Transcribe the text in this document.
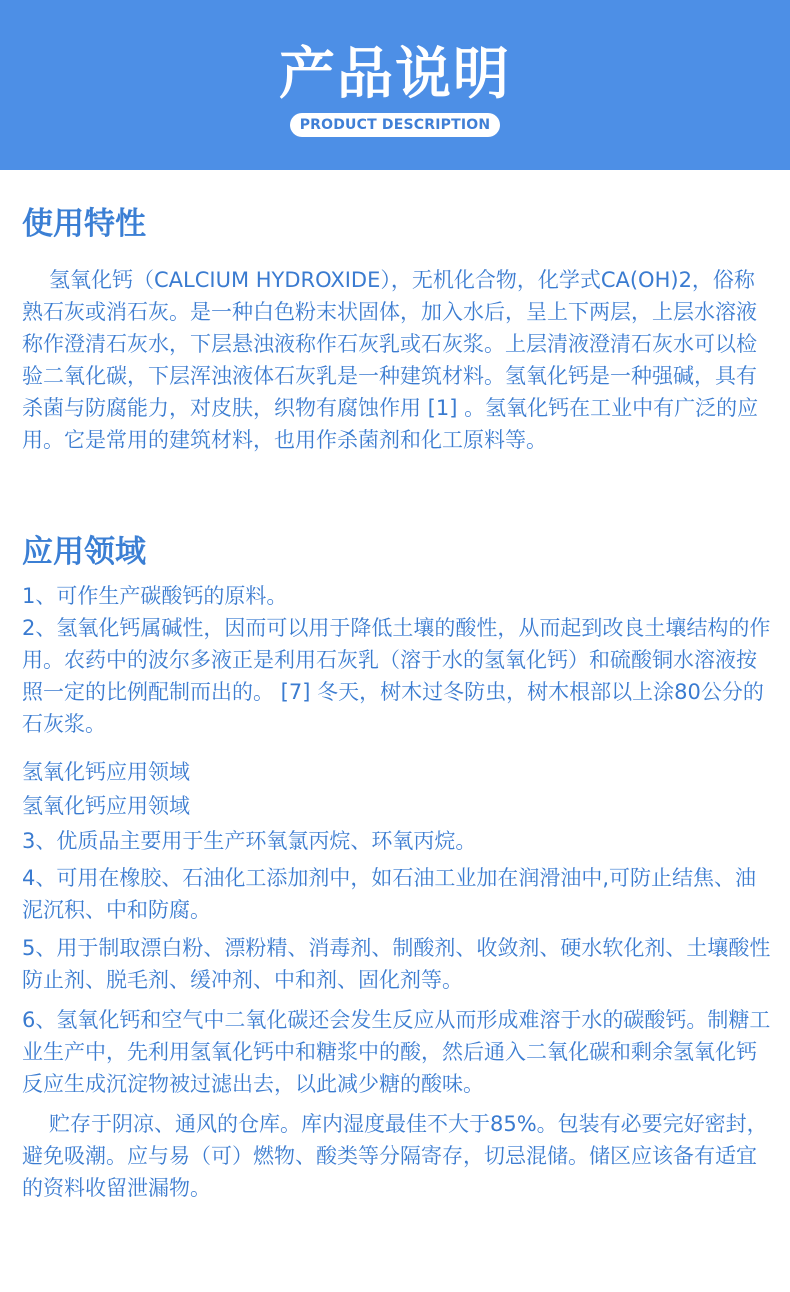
产品说明
PRODUCT DESCRIPTION
使用特性

氢氧化钙（CALCIUM HYDROXIDE），无机化合物，化学式CA(OH)2，俗称熟石灰或消石灰。是一种白色粉末状固体，加入水后，呈上下两层，上层水溶液称作澄清石灰水，下层悬浊液称作石灰乳或石灰浆。上层清液澄清石灰水可以检验二氧化碳，下层浑浊液体石灰乳是一种建筑材料。氢氧化钙是一种强碱，具有杀菌与防腐能力，对皮肤，织物有腐蚀作用 [1] 。氢氧化钙在工业中有广泛的应用。它是常用的建筑材料，也用作杀菌剂和化工原料等。

应用领域

1、可作生产碳酸钙的原料。

2、氢氧化钙属碱性，因而可以用于降低土壤的酸性，从而起到改良土壤结构的作用。农药中的波尔多液正是利用石灰乳（溶于水的氢氧化钙）和硫酸铜水溶液按照一定的比例配制而出的。 [7] 冬天，树木过冬防虫，树木根部以上涂80公分的石灰浆。

氢氧化钙应用领域

氢氧化钙应用领域

3、优质品主要用于生产环氧氯丙烷、环氧丙烷。

4、可用在橡胶、石油化工添加剂中，如石油工业加在润滑油中,可防止结焦、油泥沉积、中和防腐。

5、用于制取漂白粉、漂粉精、消毒剂、制酸剂、收敛剂、硬水软化剂、土壤酸性防止剂、脱毛剂、缓冲剂、中和剂、固化剂等。

6、氢氧化钙和空气中二氧化碳还会发生反应从而形成难溶于水的碳酸钙。制糖工业生产中，先利用氢氧化钙中和糖浆中的酸，然后通入二氧化碳和剩余氢氧化钙反应生成沉淀物被过滤出去，以此减少糖的酸味。

贮存于阴凉、通风的仓库。库内湿度最佳不大于85%。包装有必要完好密封，避免吸潮。应与易（可）燃物、酸类等分隔寄存，切忌混储。储区应该备有适宜的资料收留泄漏物。
